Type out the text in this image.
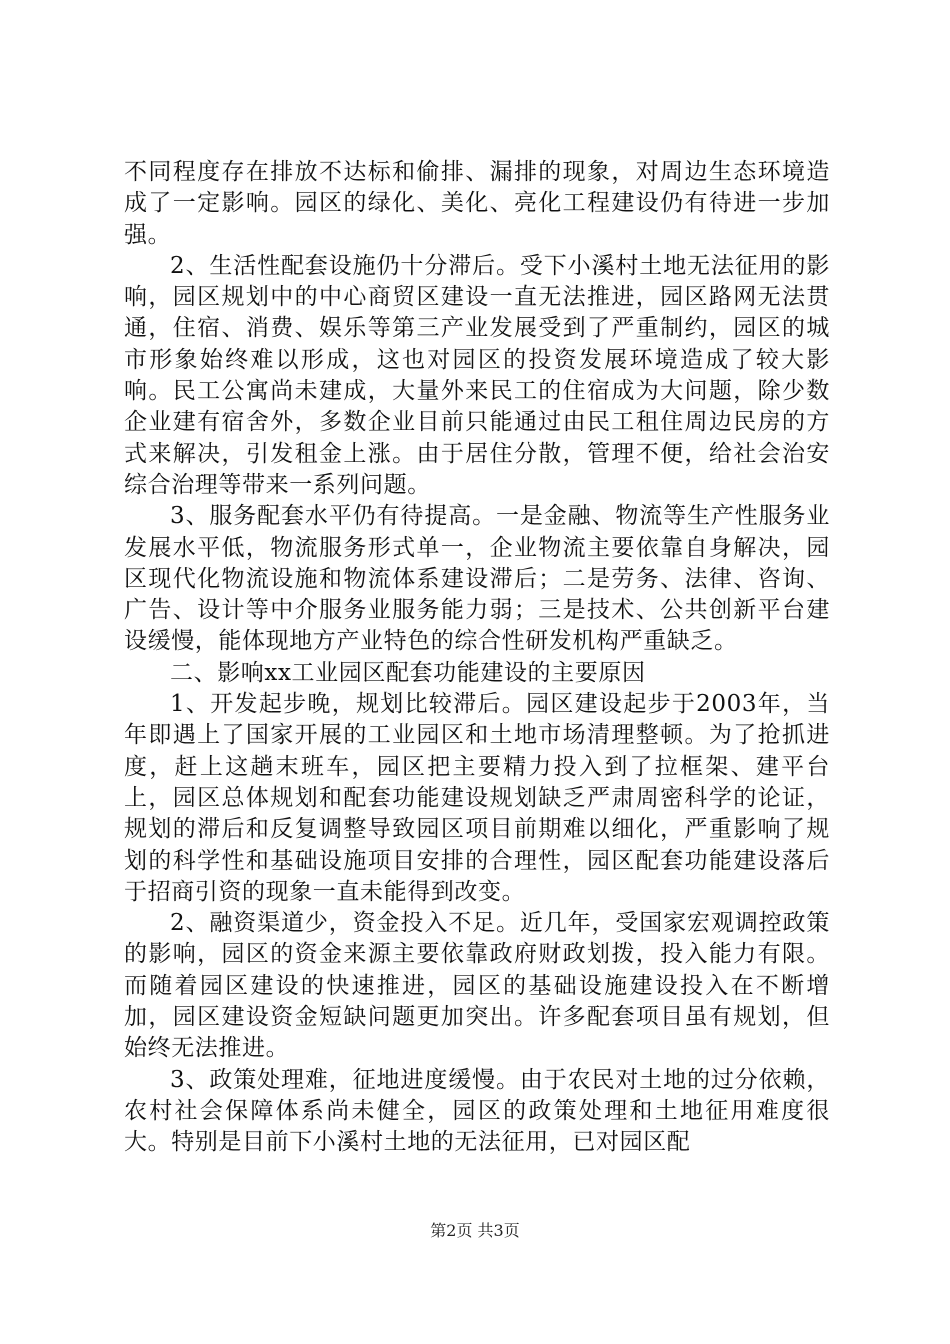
不同程度存在排放不达标和偷排、漏排的现象，对周边生态环境造成了一定影响。园区的绿化、美化、亮化工程建设仍有待进一步加强。

2、生活性配套设施仍十分滞后。受下小溪村土地无法征用的影响，园区规划中的中心商贸区建设一直无法推进，园区路网无法贯通，住宿、消费、娱乐等第三产业发展受到了严重制约，园区的城市形象始终难以形成，这也对园区的投资发展环境造成了较大影响。民工公寓尚未建成，大量外来民工的住宿成为大问题，除少数企业建有宿舍外，多数企业目前只能通过由民工租住周边民房的方式来解决，引发租金上涨。由于居住分散，管理不便，给社会治安综合治理等带来一系列问题。

3、服务配套水平仍有待提高。一是金融、物流等生产性服务业发展水平低，物流服务形式单一，企业物流主要依靠自身解决，园区现代化物流设施和物流体系建设滞后；二是劳务、法律、咨询、广告、设计等中介服务业服务能力弱；三是技术、公共创新平台建设缓慢，能体现地方产业特色的综合性研发机构严重缺乏。

二、影响xx工业园区配套功能建设的主要原因

1、开发起步晚，规划比较滞后。园区建设起步于2003年，当年即遇上了国家开展的工业园区和土地市场清理整顿。为了抢抓进度，赶上这趟末班车，园区把主要精力投入到了拉框架、建平台上，园区总体规划和配套功能建设规划缺乏严肃周密科学的论证，规划的滞后和反复调整导致园区项目前期难以细化，严重影响了规划的科学性和基础设施项目安排的合理性，园区配套功能建设落后于招商引资的现象一直未能得到改变。

2、融资渠道少，资金投入不足。近几年，受国家宏观调控政策的影响，园区的资金来源主要依靠政府财政划拨，投入能力有限。而随着园区建设的快速推进，园区的基础设施建设投入在不断增加，园区建设资金短缺问题更加突出。许多配套项目虽有规划，但始终无法推进。

3、政策处理难，征地进度缓慢。由于农民对土地的过分依赖，农村社会保障体系尚未健全，园区的政策处理和土地征用难度很大。特别是目前下小溪村土地的无法征用，已对园区配

第2页 共3页
